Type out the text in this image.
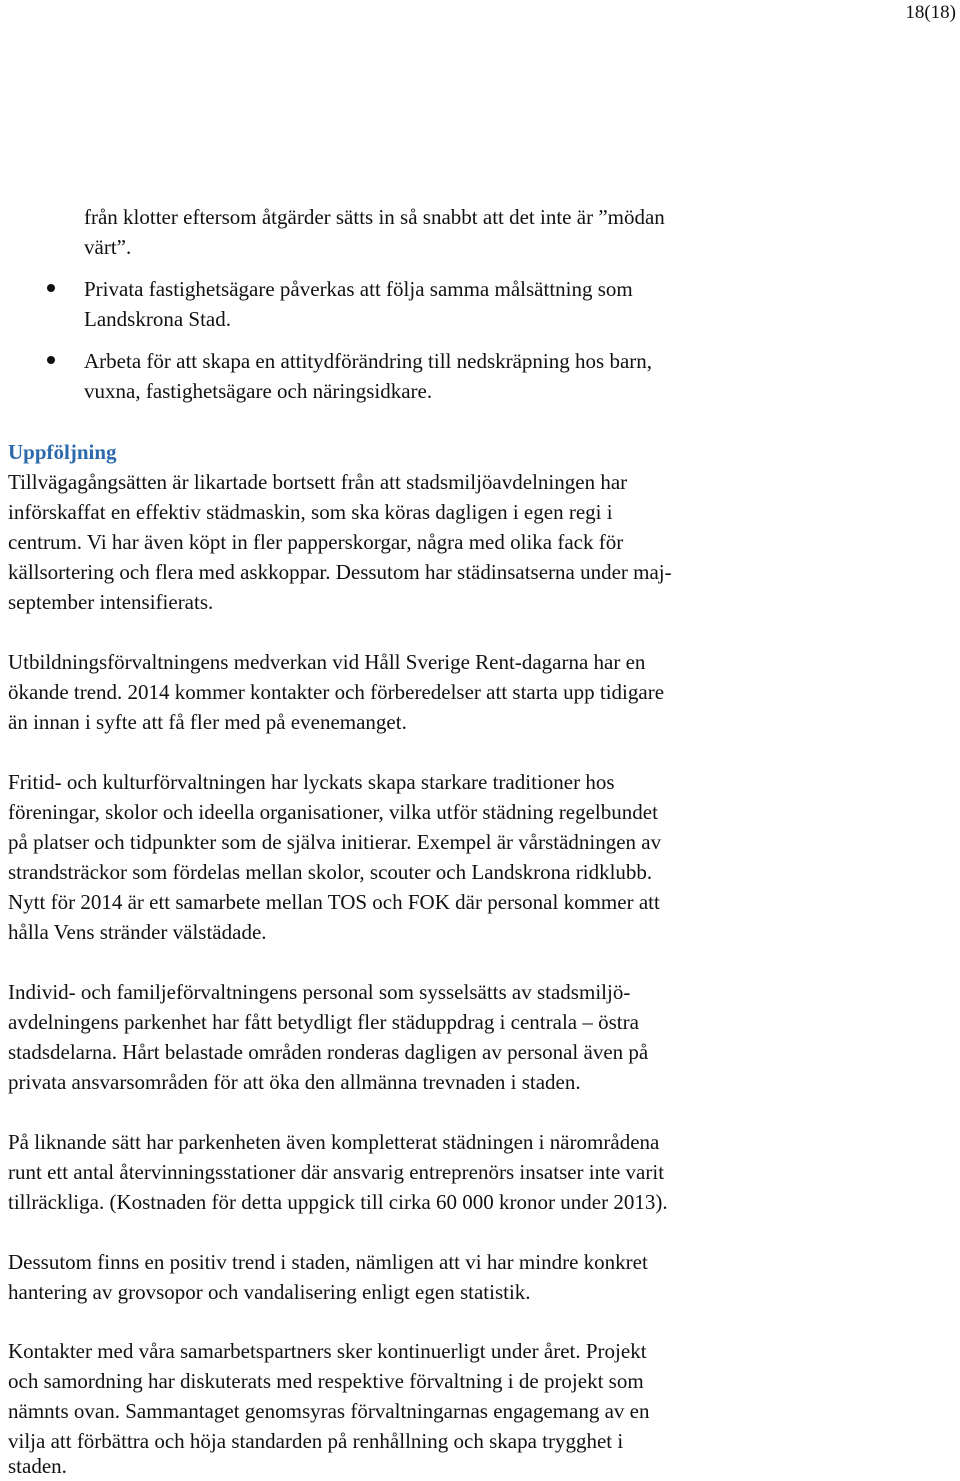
18(18)
från klotter eftersom åtgärder sätts in så snabbt att det inte är ”mödan
värt”.
Privata fastighetsägare påverkas att följa samma målsättning som
Landskrona Stad.
Arbeta för att skapa en attitydförändring till nedskräpning hos barn,
vuxna, fastighetsägare och näringsidkare.
Uppföljning
Tillvägagångsätten är likartade bortsett från att stadsmiljöavdelningen har
införskaffat en effektiv städmaskin, som ska köras dagligen i egen regi i
centrum. Vi har även köpt in fler papperskorgar, några med olika fack för
källsortering och flera med askkoppar. Dessutom har städinsatserna under maj-
september intensifierats.
Utbildningsförvaltningens medverkan vid Håll Sverige Rent-dagarna har en
ökande trend. 2014 kommer kontakter och förberedelser att starta upp tidigare
än innan i syfte att få fler med på evenemanget.
Fritid- och kulturförvaltningen har lyckats skapa starkare traditioner hos
föreningar, skolor och ideella organisationer, vilka utför städning regelbundet
på platser och tidpunkter som de själva initierar. Exempel är vårstädningen av
strandsträckor som fördelas mellan skolor, scouter och Landskrona ridklubb.
Nytt för 2014 är ett samarbete mellan TOS och FOK där personal kommer att
hålla Vens stränder välstädade.
Individ- och familjeförvaltningens personal som sysselsätts av stadsmiljö-
avdelningens parkenhet har fått betydligt fler städuppdrag i centrala – östra
stadsdelarna. Hårt belastade områden ronderas dagligen av personal även på
privata ansvarsområden för att öka den allmänna trevnaden i staden.
På liknande sätt har parkenheten även kompletterat städningen i närområdena
runt ett antal återvinningsstationer där ansvarig entreprenörs insatser inte varit
tillräckliga. (Kostnaden för detta uppgick till cirka 60 000 kronor under 2013).
Dessutom finns en positiv trend i staden, nämligen att vi har mindre konkret
hantering av grovsopor och vandalisering enligt egen statistik.
Kontakter med våra samarbetspartners sker kontinuerligt under året. Projekt
och samordning har diskuterats med respektive förvaltning i de projekt som
nämnts ovan. Sammantaget genomsyras förvaltningarnas engagemang av en
vilja att förbättra och höja standarden på renhållning och skapa trygghet i
staden.
